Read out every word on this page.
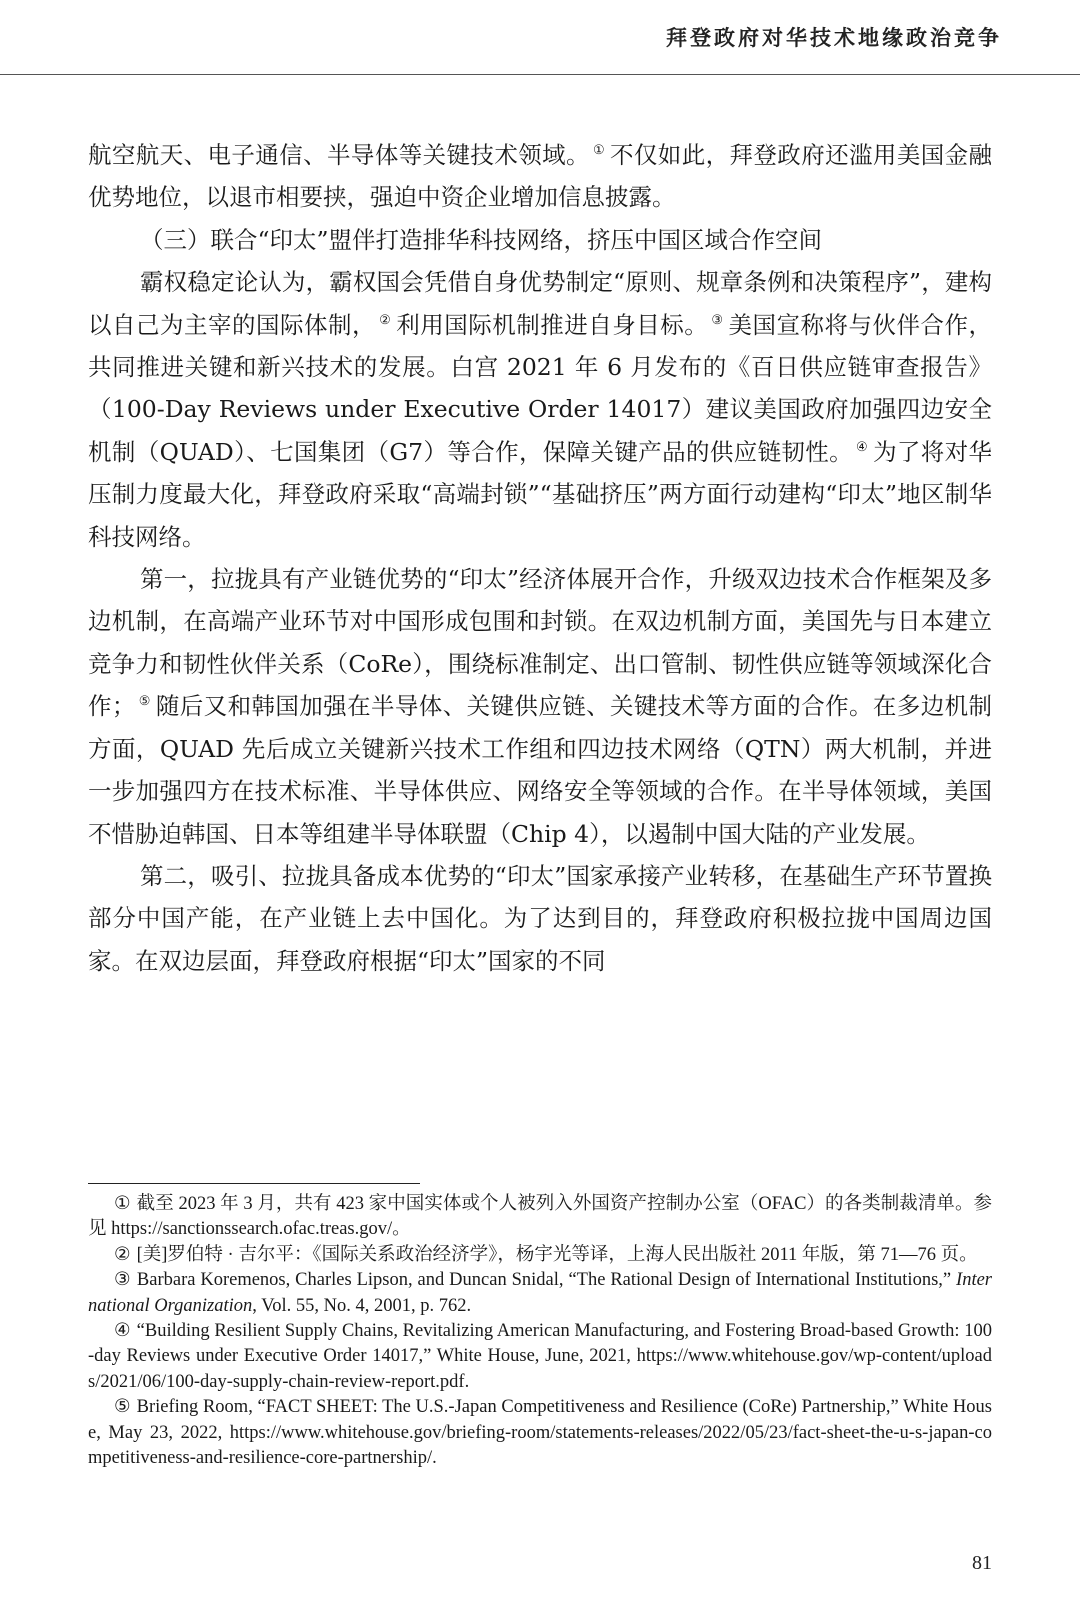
拜登政府对华技术地缘政治竞争

航空航天、电子通信、半导体等关键技术领域。 ① 不仅如此，拜登政府还滥用美国金融优势地位，以退市相要挟，强迫中资企业增加信息披露。

（三）联合“印太”盟伴打造排华科技网络，挤压中国区域合作空间

霸权稳定论认为，霸权国会凭借自身优势制定“原则、规章条例和决策程序”，建构以自己为主宰的国际体制， ② 利用国际机制推进自身目标。 ③ 美国宣称将与伙伴合作，共同推进关键和新兴技术的发展。白宫 2021 年 6 月发布的《百日供应链审查报告》（100-Day Reviews under Executive Order 14017）建议美国政府加强四边安全机制（QUAD）、七国集团（G7）等合作，保障关键产品的供应链韧性。 ④ 为了将对华压制力度最大化，拜登政府采取“高端封锁”“基础挤压”两方面行动建构“印太”地区制华科技网络。

第一，拉拢具有产业链优势的“印太”经济体展开合作，升级双边技术合作框架及多边机制，在高端产业环节对中国形成包围和封锁。在双边机制方面，美国先与日本建立竞争力和韧性伙伴关系（CoRe），围绕标准制定、出口管制、韧性供应链等领域深化合作； ⑤ 随后又和韩国加强在半导体、关键供应链、关键技术等方面的合作。在多边机制方面，QUAD 先后成立关键新兴技术工作组和四边技术网络（QTN）两大机制，并进一步加强四方在技术标准、半导体供应、网络安全等领域的合作。在半导体领域，美国不惜胁迫韩国、日本等组建半导体联盟（Chip 4），以遏制中国大陆的产业发展。

第二，吸引、拉拢具备成本优势的“印太”国家承接产业转移，在基础生产环节置换部分中国产能，在产业链上去中国化。为了达到目的，拜登政府积极拉拢中国周边国家。在双边层面，拜登政府根据“印太”国家的不同

① 截至 2023 年 3 月，共有 423 家中国实体或个人被列入外国资产控制办公室（OFAC）的各类制裁清单。参见 https://sanctionssearch.ofac.treas.gov/。

② [美]罗伯特 · 吉尔平：《国际关系政治经济学》，杨宇光等译，上海人民出版社 2011 年版，第 71—76 页。

③ Barbara Koremenos, Charles Lipson, and Duncan Snidal, “The Rational Design of International Institutions,” International Organization, Vol. 55, No. 4, 2001, p. 762.

④ “Building Resilient Supply Chains, Revitalizing American Manufacturing, and Fostering Broad-based Growth: 100-day Reviews under Executive Order 14017,” White House, June, 2021, https://www.whitehouse.gov/wp-content/uploads/2021/06/100-day-supply-chain-review-report.pdf.

⑤ Briefing Room, “FACT SHEET: The U.S.-Japan Competitiveness and Resilience (CoRe) Partnership,” White House, May 23, 2022, https://www.whitehouse.gov/briefing-room/statements-releases/2022/05/23/fact-sheet-the-u-s-japan-competitiveness-and-resilience-core-partnership/.

81
